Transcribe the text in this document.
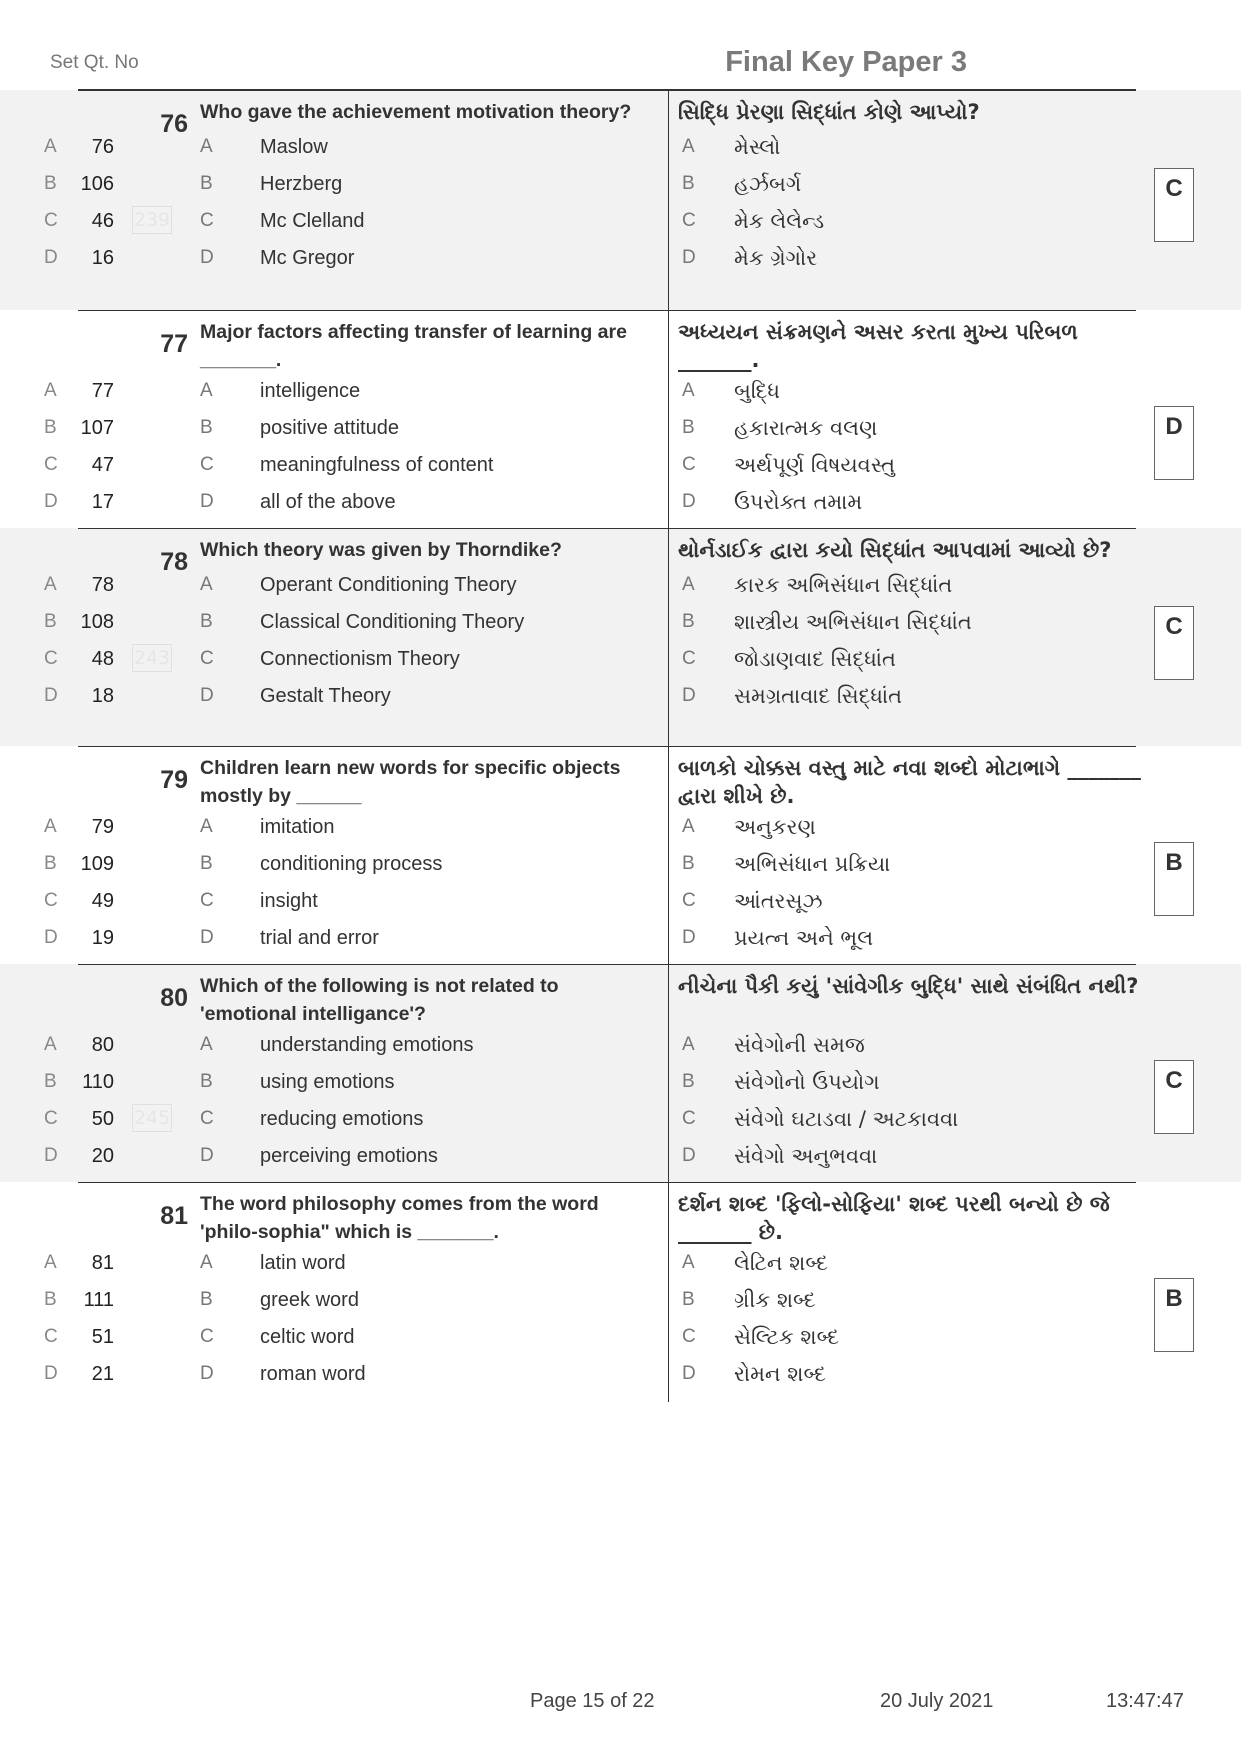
Set Qt. No	Final Key Paper 3
76 Who gave the achievement motivation theory?	સિદ્ધિ પ્રેરણા સિદ્ધાંત કોણે આપ્યો?
A	76	A Maslow	A મેસ્લો
B	106	B Herzberg	B હર્ઝબર્ગ
C	46	C Mc Clelland	C મેક લેલેન્ડ
D	16	D Mc Gregor	D મેક ગ્રેગોર
239
C
77 Major factors affecting transfer of learning are _______.
અધ્યયન સંક્રમણને અસર કરતા મુખ્ય પરિબળ _______.
A	77	A intelligence	A બુદ્ધિ
B	107	B positive attitude	B હકારાત્મક વલણ
C	47	C meaningfulness of content	C અર્થપૂર્ણ વિષયવસ્તુ
D	17	D all of the above	D ઉપરોક્ત તમામ
D
78 Which theory was given by Thorndike?	થોર્નડાઈક દ્વારા કયો સિદ્ધાંત આપવામાં આવ્યો છે?
A	78	A Operant Conditioning Theory	A કારક અભિસંધાન સિદ્ધાંત
B	108	B Classical Conditioning Theory	B શાસ્ત્રીય અભિસંધાન સિદ્ધાંત
C	48	C Connectionism Theory	C જોડાણવાદ સિદ્ધાંત
D	18	D Gestalt Theory	D સમગ્રતાવાદ સિદ્ધાંત
243
C
79 Children learn new words for specific objects mostly by ______
બાળકો ચોક્કસ વસ્તુ માટે નવા શબ્દો મોટાભાગે _______ દ્વારા શીખે છે.
A	79	A imitation	A અનુકરણ
B	109	B conditioning process	B અભિસંધાન પ્રક્રિયા
C	49	C insight	C આંતરસૂઝ
D	19	D trial and error	D પ્રયત્ન અને ભૂલ
B
80 Which of the following is not related to 'emotional intelligance'?
નીચેના પૈકી કયું 'સાંવેગીક બુદ્ધિ' સાથે સંબંધિત નથી?
A	80	A understanding emotions	A સંવેગોની સમજ
B	110	B using emotions	B સંવેગોનો ઉપયોગ
C	50	C reducing emotions	C સંવેગો ઘટાડવા / અટકાવવા
D	20	D perceiving emotions	D સંવેગો અનુભવવા
245
C
81 The word philosophy comes from the word 'philo-sophia" which is _______.
દર્શન શબ્દ 'ફિલો-સોફિયા' શબ્દ પરથી બન્યો છે જે _______ છે.
A	81	A latin word	A લેટિન શબ્દ
B	111	B greek word	B ગ્રીક શબ્દ
C	51	C celtic word	C સેલ્ટિક શબ્દ
D	21	D roman word	D રોમન શબ્દ
B
Page 15 of 22	20 July 2021	13:47:47
